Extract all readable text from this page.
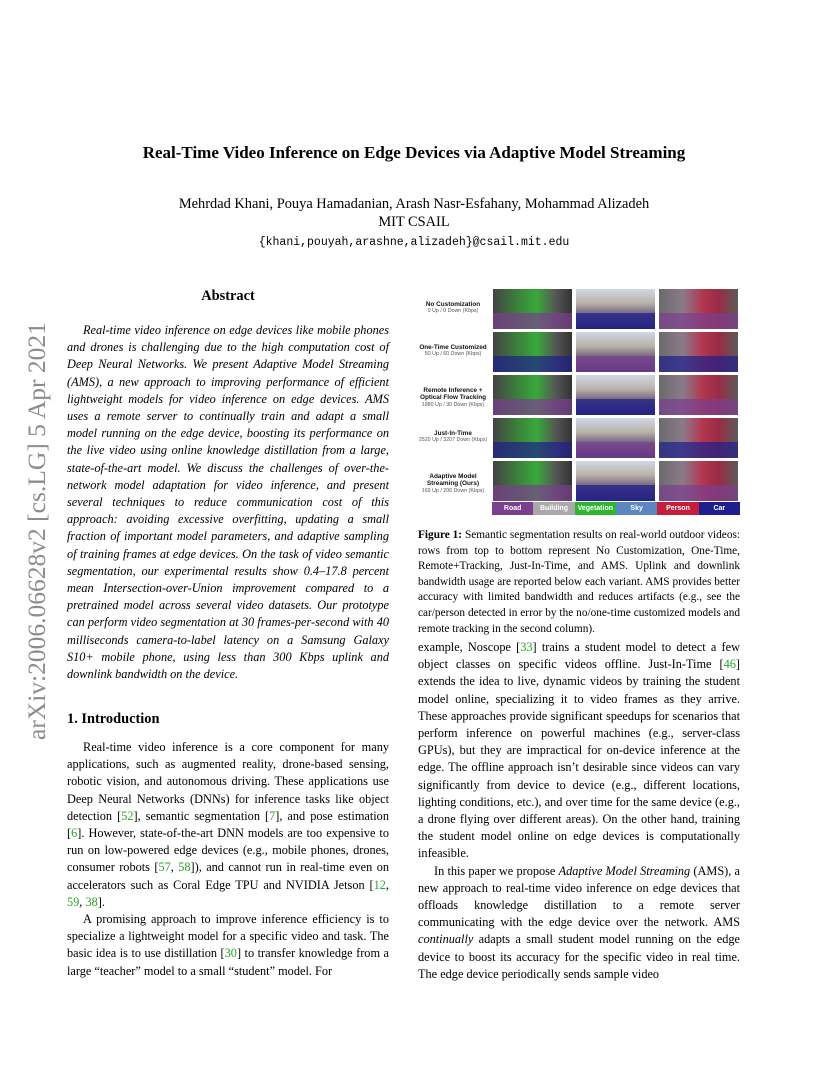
arXiv:2006.06628v2 [cs.LG] 5 Apr 2021
Real-Time Video Inference on Edge Devices via Adaptive Model Streaming
Mehrdad Khani, Pouya Hamadanian, Arash Nasr-Esfahany, Mohammad Alizadeh
MIT CSAIL
{khani,pouyah,arashne,alizadeh}@csail.mit.edu
Abstract

Real-time video inference on edge devices like mobile phones and drones is challenging due to the high computation cost of Deep Neural Networks. We present Adaptive Model Streaming (AMS), a new approach to improving performance of efficient lightweight models for video inference on edge devices. AMS uses a remote server to continually train and adapt a small model running on the edge device, boosting its performance on the live video using online knowledge distillation from a large, state-of-the-art model. We discuss the challenges of over-the-network model adaptation for video inference, and present several techniques to reduce communication cost of this approach: avoiding excessive overfitting, updating a small fraction of important model parameters, and adaptive sampling of training frames at edge devices. On the task of video semantic segmentation, our experimental results show 0.4–17.8 percent mean Intersection-over-Union improvement compared to a pretrained model across several video datasets. Our prototype can perform video segmentation at 30 frames-per-second with 40 milliseconds camera-to-label latency on a Samsung Galaxy S10+ mobile phone, using less than 300 Kbps uplink and downlink bandwidth on the device.

1. Introduction

Real-time video inference is a core component for many applications, such as augmented reality, drone-based sensing, robotic vision, and autonomous driving. These applications use Deep Neural Networks (DNNs) for inference tasks like object detection [52], semantic segmentation [7], and pose estimation [6]. However, state-of-the-art DNN models are too expensive to run on low-powered edge devices (e.g., mobile phones, drones, consumer robots [57, 58]), and cannot run in real-time even on accelerators such as Coral Edge TPU and NVIDIA Jetson [12, 59, 38].

A promising approach to improve inference efficiency is to specialize a lightweight model for a specific video and task. The basic idea is to use distillation [30] to transfer knowledge from a large “teacher” model to a small “student” model. For

No Customization
0 Up / 0 Down (Kbps)
One-Time Customized
50 Up / 60 Down (Kbps)
Remote Inference + Optical Flow Tracking
1880 Up / 30 Down (Kbps)
Just-In-Time
2520 Up / 3207 Down (Kbps)
Adaptive Model Streaming (Ours)
169 Up / 206 Down (Kbps)
Road	Building	Vegetation	Sky	Person	Car

Figure 1: Semantic segmentation results on real-world outdoor videos: rows from top to bottom represent No Customization, One-Time, Remote+Tracking, Just-In-Time, and AMS. Uplink and downlink bandwidth usage are reported below each variant. AMS provides better accuracy with limited bandwidth and reduces artifacts (e.g., see the car/person detected in error by the no/one-time customized models and remote tracking in the second column).

example, Noscope [33] trains a student model to detect a few object classes on specific videos offline. Just-In-Time [46] extends the idea to live, dynamic videos by training the student model online, specializing it to video frames as they arrive. These approaches provide significant speedups for scenarios that perform inference on powerful machines (e.g., server-class GPUs), but they are impractical for on-device inference at the edge. The offline approach isn’t desirable since videos can vary significantly from device to device (e.g., different locations, lighting conditions, etc.), and over time for the same device (e.g., a drone flying over different areas). On the other hand, training the student model online on edge devices is computationally infeasible.

In this paper we propose Adaptive Model Streaming (AMS), a new approach to real-time video inference on edge devices that offloads knowledge distillation to a remote server communicating with the edge device over the network. AMS continually adapts a small student model running on the edge device to boost its accuracy for the specific video in real time. The edge device periodically sends sample video
